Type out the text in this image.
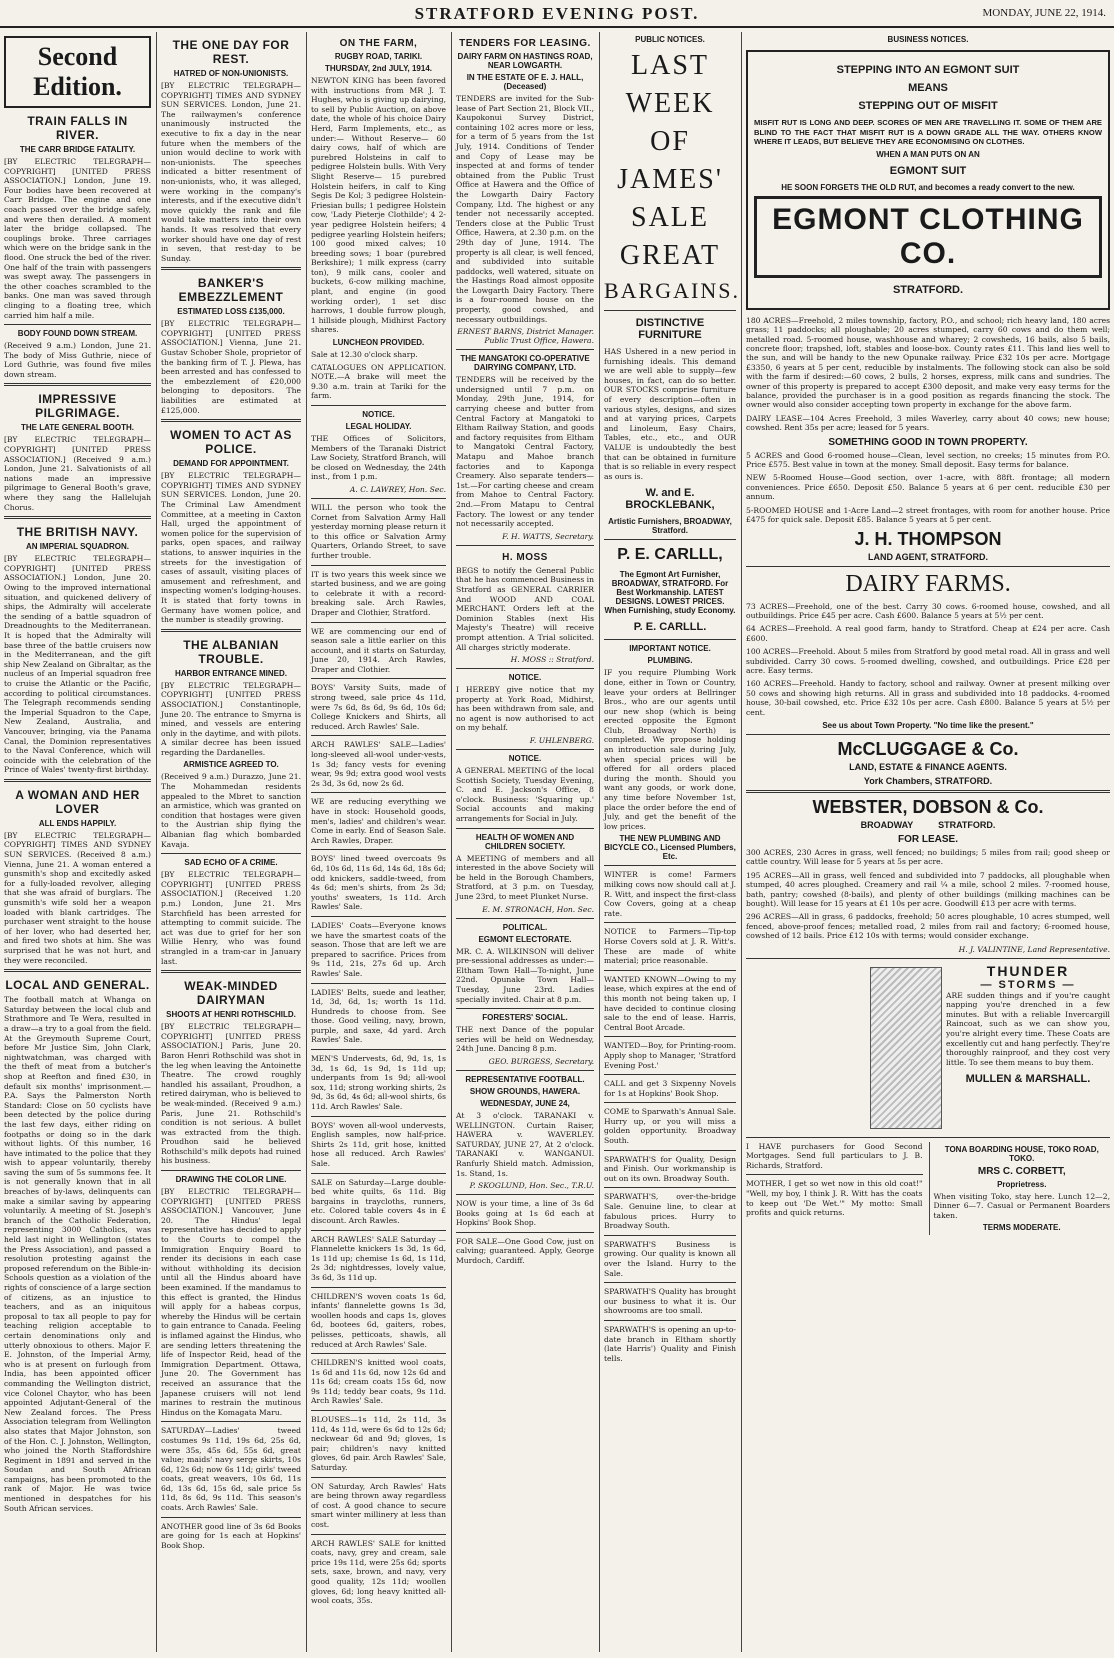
STRATFORD EVENING POST.	MONDAY, JUNE 22, 1914.
Second Edition.
TRAIN FALLS IN RIVER.
THE CARR BRIDGE FATALITY.

[BY ELECTRIC TELEGRAPH—COPYRIGHT] [UNITED PRESS ASSOCIATION.] London, June 19. Four bodies have been recovered at Carr Bridge. The engine and one coach passed over the bridge safely, and were then derailed. A moment later the bridge collapsed. The couplings broke. Three carriages which were on the bridge sank in the flood. One struck the bed of the river. One half of the train with passengers was swept away. The passengers in the other coaches scrambled to the banks. One man was saved through clinging to a floating tree, which carried him half a mile.

BODY FOUND DOWN STREAM.

(Received 9 a.m.) London, June 21. The body of Miss Guthrie, niece of Lord Guthrie, was found five miles down stream.

IMPRESSIVE PILGRIMAGE.
THE LATE GENERAL BOOTH.

[BY ELECTRIC TELEGRAPH—COPYRIGHT] [UNITED PRESS ASSOCIATION.] (Received 9 a.m.) London, June 21. Salvationists of all nations made an impressive pilgrimage to General Booth's grave, where they sang the Hallelujah Chorus.

THE BRITISH NAVY.
AN IMPERIAL SQUADRON.

[BY ELECTRIC TELEGRAPH—COPYRIGHT] [UNITED PRESS ASSOCIATION.] London, June 20. Owing to the improved international situation, and quickened delivery of ships, the Admiralty will accelerate the sending of a battle squadron of Dreadnoughts to the Mediterranean. It is hoped that the Admiralty will base three of the battle cruisers now in the Mediterranean, and the gift ship New Zealand on Gibraltar, as the nucleus of an Imperial squadron free to cruise the Atlantic or the Pacific, according to political circumstances. The Telegraph recommends sending the Imperial Squadron to the Cape, New Zealand, Australia, and Vancouver, bringing, via the Panama Canal, the Dominion representatives to the Naval Conference, which will coincide with the celebration of the Prince of Wales' twenty-first birthday.

A WOMAN AND HER LOVER
ALL ENDS HAPPILY.

[BY ELECTRIC TELEGRAPH—COPYRIGHT] TIMES AND SYDNEY SUN SERVICES. (Received 8 a.m.) Vienna, June 21. A woman entered a gunsmith's shop and excitedly asked for a fully-loaded revolver, alleging that she was afraid of burglars. The gunsmith's wife sold her a weapon loaded with blank cartridges. The purchaser went straight to the house of her lover, who had deserted her, and fired two shots at him. She was surprised that he was not hurt, and they were reconciled.

LOCAL AND GENERAL.

The football match at Whanga on Saturday between the local club and Strathmore and Te Wera, resulted in a draw—a try to a goal from the field. At the Greymouth Supreme Court, before Mr Justice Sim, John Clark, nightwatchman, was charged with the theft of meat from a butcher's shop at Reefton and fined £30, in default six months' imprisonment.—P.A. Says the Palmerston North Standard: Close on 50 cyclists have been detected by the police during the last few days, either riding on footpaths or doing so in the dark without lights. Of this number, 16 have intimated to the police that they wish to appear voluntarily, thereby saving the sum of 5s summons fee. It is not generally known that in all breaches of by-laws, delinquents can make a similar saving by appearing voluntarily. A meeting of St. Joseph's branch of the Catholic Federation, representing 3000 Catholics, was held last night in Wellington (states the Press Association), and passed a resolution protesting against the proposed referendum on the Bible-in-Schools question as a violation of the rights of conscience of a large section of citizens, as an injustice to teachers, and as an iniquitous proposal to tax all people to pay for teaching religion acceptable to certain denominations only and utterly obnoxious to others. Major F. E. Johnston, of the Imperial Army, who is at present on furlough from India, has been appointed officer commanding the Wellington district, vice Colonel Chaytor, who has been appointed Adjutant-General of the New Zealand forces. The Press Association telegram from Wellington also states that Major Johnston, son of the Hon. C. J. Johnston, Wellington, who joined the North Staffordshire Regiment in 1891 and served in the Soudan and South African campaigns, has been promoted to the rank of Major. He was twice mentioned in despatches for his South African services.

THE ONE DAY FOR REST.
HATRED OF NON-UNIONISTS.

[BY ELECTRIC TELEGRAPH—COPYRIGHT] TIMES AND SYDNEY SUN SERVICES. London, June 21. The railwaymen's conference unanimously instructed the executive to fix a day in the near future when the members of the union would decline to work with non-unionists. The speeches indicated a bitter resentment of non-unionists, who, it was alleged, were working in the company's interests, and if the executive didn't move quickly the rank and file would take matters into their own hands. It was resolved that every worker should have one day of rest in seven, that rest-day to be Sunday.

BANKER'S EMBEZZLEMENT
ESTIMATED LOSS £135,000.

[BY ELECTRIC TELEGRAPH—COPYRIGHT] [UNITED PRESS ASSOCIATION.] Vienna, June 21. Gustav Schober Shole, proprietor of the banking firm of T. J. Plewa, has been arrested and has confessed to the embezzlement of £20,000 belonging to depositors. The liabilities are estimated at £125,000.

WOMEN TO ACT AS POLICE.
DEMAND FOR APPOINTMENT.

[BY ELECTRIC TELEGRAPH—COPYRIGHT] TIMES AND SYDNEY SUN SERVICES. London, June 20. The Criminal Law Amendment Committee, at a meeting in Caxton Hall, urged the appointment of women police for the supervision of parks, open spaces, and railway stations, to answer inquiries in the streets for the investigation of cases of assault, visiting places of amusement and refreshment, and inspecting women's lodging-houses. It is stated that forty towns in Germany have women police, and the number is steadily growing.

THE ALBANIAN TROUBLE.
HARBOR ENTRANCE MINED.

[BY ELECTRIC TELEGRAPH—COPYRIGHT] [UNITED PRESS ASSOCIATION.] Constantinople, June 20. The entrance to Smyrna is mined, and vessels are entering only in the daytime, and with pilots. A similar decree has been issued regarding the Dardanelles.

ARMISTICE AGREED TO.

(Received 9 a.m.) Durazzo, June 21. The Mohammedan residents appealed to the Mbret to sanction an armistice, which was granted on condition that hostages were given to the Austrian ship flying the Albanian flag which bombarded Kavaja.

SAD ECHO OF A CRIME.

[BY ELECTRIC TELEGRAPH—COPYRIGHT] [UNITED PRESS ASSOCIATION.] (Received 1.20 p.m.) London, June 21. Mrs Starchfield has been arrested for attempting to commit suicide. The act was due to grief for her son Willie Henry, who was found strangled in a tram-car in January last.

WEAK-MINDED DAIRYMAN
SHOOTS AT HENRI ROTHSCHILD.

[BY ELECTRIC TELEGRAPH—COPYRIGHT] [UNITED PRESS ASSOCIATION.] Paris, June 20. Baron Henri Rothschild was shot in the leg when leaving the Antoinette Theatre. The crowd roughly handled his assailant, Proudhon, a retired dairyman, who is believed to be weak-minded. (Received 9 a.m.) Paris, June 21. Rothschild's condition is not serious. A bullet was extracted from the thigh. Proudhon said he believed Rothschild's milk depots had ruined his business.

DRAWING THE COLOR LINE.

[BY ELECTRIC TELEGRAPH—COPYRIGHT] [UNITED PRESS ASSOCIATION.] Vancouver, June 20. The Hindus' legal representative has decided to apply to the Courts to compel the Immigration Enquiry Board to render its decisions in each case without withholding its decision until all the Hindus aboard have been examined. If the mandamus to this effect is granted, the Hindus will apply for a habeas corpus, whereby the Hindus will be certain to gain entrance to Canada. Feeling is inflamed against the Hindus, who are sending letters threatening the life of Inspector Reid, head of the Immigration Department. Ottawa, June 20. The Government has received an assurance that the Japanese cruisers will not lend marines to restrain the mutinous Hindus on the Komagata Maru.

SATURDAY—Ladies' tweed costumes 9s 11d, 19s 6d, 25s 6d, were 35s, 45s 6d, 55s 6d, great value; maids' navy serge skirts, 10s 6d, 12s 6d; now 6s 11d; girls' tweed coats, great weavers, 10s 6d, 11s 6d, 13s 6d, 15s 6d, sale price 5s 11d, 8s 6d, 9s 11d. This season's coats. Arch Rawles' Sale.

ANOTHER good line of 3s 6d Books are going for 1s each at Hopkins' Book Shop.

ON THE FARM,
RUGBY ROAD, TARIKI.
THURSDAY, 2nd JULY, 1914.

NEWTON KING has been favored with instructions from MR J. T. Hughes, who is giving up dairying, to sell by Public Auction, on above date, the whole of his choice Dairy Herd, Farm Implements, etc., as under:— Without Reserve— 60 dairy cows, half of which are purebred Holsteins in calf to pedigree Holstein bulls. With Very Slight Reserve— 15 purebred Holstein heifers, in calf to King Segis De Kol; 3 pedigree Holstein-Friesian bulls; 1 pedigree Holstein cow, 'Lady Pieterje Clothilde'; 4 2-year pedigree Holstein heifers; 4 pedigree yearling Holstein heifers; 100 good mixed calves; 10 breeding sows; 1 boar (purebred Berkshire); 1 milk express (carry ton), 9 milk cans, cooler and buckets, 6-cow milking machine, plant, and engine (in good working order), 1 set disc harrows, 1 double furrow plough, 1 hillside plough, Midhirst Factory shares.

LUNCHEON PROVIDED.

Sale at 12.30 o'clock sharp.

CATALOGUES ON APPLICATION. NOTE.—A brake will meet the 9.30 a.m. train at Tariki for the farm.

NOTICE.
LEGAL HOLIDAY.

THE Offices of Solicitors, Members of the Taranaki District Law Society, Stratford Branch, will be closed on Wednesday, the 24th inst., from 1 p.m.

A. C. LAWREY, Hon. Sec.

WILL the person who took the Cornet from Salvation Army Hall yesterday morning please return it to this office or Salvation Army Quarters, Orlando Street, to save further trouble.

IT is two years this week since we started business, and we are going to celebrate it with a record-breaking sale. Arch Rawles, Draper and Clothier, Stratford.

WE are commencing our end of season sale a little earlier on this account, and it starts on Saturday, June 20, 1914. Arch Rawles, Draper and Clothier.

BOYS' Varsity Suits, made of strong tweed, sale price 4s 11d, were 7s 6d, 8s 6d, 9s 6d, 10s 6d; College Knickers and Shirts, all reduced. Arch Rawles' Sale.

ARCH RAWLES' SALE—Ladies' long-sleeved all-wool under-vests, 1s 3d; fancy vests for evening wear, 9s 9d; extra good wool vests 2s 3d, 3s 6d, now 2s 6d.

WE are reducing everything we have in stock: Household goods, men's, ladies' and children's wear. Come in early. End of Season Sale. Arch Rawles, Draper.

BOYS' lined tweed overcoats 9s 6d, 10s 6d, 11s 6d, 14s 6d, 18s 6d; odd knickers, saddle-tweed, from 4s 6d; men's shirts, from 2s 3d; youths' sweaters, 1s 11d. Arch Rawles' Sale.

LADIES' Coats—Everyone knows we have the smartest coats of the season. Those that are left we are prepared to sacrifice. Prices from 9s 11d, 21s, 27s 6d up. Arch Rawles' Sale.

LADIES' Belts, suede and leather, 1d, 3d, 6d, 1s; worth 1s 11d. Hundreds to choose from. See those. Good veiling, navy, brown, purple, and saxe, 4d yard. Arch Rawles' Sale.

MEN'S Undervests, 6d, 9d, 1s, 1s 3d, 1s 6d, 1s 9d, 1s 11d up; underpants from 1s 9d; all-wool sox, 11d; strong working shirts, 2s 9d, 3s 6d, 4s 6d; all-wool shirts, 6s 11d. Arch Rawles' Sale.

BOYS' woven all-wool undervests, English samples, now half-price. Shirts 2s 11d, grit hose, knitted hose all reduced. Arch Rawles' Sale.

SALE on Saturday—Large double-bed white quilts, 6s 11d. Big bargains in traycloths, runners, etc. Colored table covers 4s in £ discount. Arch Rawles.

ARCH RAWLES' SALE Saturday — Flannelette knickers 1s 3d, 1s 6d, 1s 11d up; chemise 1s 6d, 1s 11d, 2s 3d; nightdresses, lovely value, 3s 6d, 3s 11d up.

CHILDREN'S woven coats 1s 6d, infants' flannelette gowns 1s 3d, woollen hoods and caps 1s, gloves 6d, bootees 6d, gaiters, robes, pelisses, petticoats, shawls, all reduced at Arch Rawles' Sale.

CHILDREN'S knitted wool coats, 1s 6d and 11s 6d, now 12s 6d and 11s 6d; cream coats 15s 6d, now 9s 11d; teddy bear coats, 9s 11d. Arch Rawles' Sale.

BLOUSES—1s 11d, 2s 11d, 3s 11d, 4s 11d, were 6s 6d to 12s 6d; neckwear 6d and 9d; gloves, 1s pair; children's navy knitted gloves, 6d pair. Arch Rawles' Sale, Saturday.

ON Saturday, Arch Rawles' Hats are being thrown away regardless of cost. A good chance to secure smart winter millinery at less than cost.

ARCH RAWLES' SALE for knitted coats, navy, grey and cream, sale price 19s 11d, were 25s 6d; sports sets, saxe, brown, and navy, very good quality, 12s 11d; woollen gloves, 6d; long heavy knitted all-wool coats, 35s.

TENDERS FOR LEASING.
DAIRY FARM ON HASTINGS ROAD, NEAR LOWGARTH.
IN THE ESTATE OF E. J. HALL, (Deceased)

TENDERS are invited for the Sub-lease of Part Section 21, Block VII., Kaupokonui Survey District, containing 102 acres more or less, for a term of 5 years from the 1st July, 1914. Conditions of Tender and Copy of Lease may be inspected at and forms of tender obtained from the Public Trust Office at Hawera and the Office of the Lowgarth Dairy Factory Company, Ltd. The highest or any tender not necessarily accepted. Tenders close at the Public Trust Office, Hawera, at 2.30 p.m. on the 29th day of June, 1914. The property is all clear, is well fenced, and subdivided into suitable paddocks, well watered, situate on the Hastings Road almost opposite the Lowgarth Dairy Factory. There is a four-roomed house on the property, good cowshed, and necessary outbuildings.

ERNEST BARNS, District Manager. Public Trust Office, Hawera.
THE MANGATOKI CO-OPERATIVE DAIRYING COMPANY, LTD.

TENDERS will be received by the undersigned until 7 p.m. on Monday, 29th June, 1914, for carrying cheese and butter from Central Factory at Mangatoki to Eltham Railway Station, and goods and factory requisites from Eltham to Mangatoki Central Factory, Matapu and Mahoe branch factories and to Kaponga Creamery. Also separate tenders— 1st.—For carting cheese and cream from Mahoe to Central Factory. 2nd.—From Matapu to Central Factory. The lowest or any tender not necessarily accepted.

F. H. WATTS, Secretary.
H. MOSS

BEGS to notify the General Public that he has commenced Business in Stratford as GENERAL CARRIER And WOOD AND COAL MERCHANT. Orders left at the Dominion Stables (next His Majesty's Theatre) will receive prompt attention. A Trial solicited. All charges strictly moderate.

H. MOSS :: Stratford.
NOTICE.

I HEREBY give notice that my property at York Road, Midhirst, has been withdrawn from sale, and no agent is now authorised to act on my behalf.

F. UHLENBERG.
NOTICE.

A GENERAL MEETING of the local Scottish Society, Tuesday Evening, C. and E. Jackson's Office, 8 o'clock. Business: 'Squaring up.' Social accounts and making arrangements for Social in July.

HEALTH OF WOMEN AND CHILDREN SOCIETY.

A MEETING of members and all interested in the above Society will be held in the Borough Chambers, Stratford, at 3 p.m. on Tuesday, June 23rd, to meet Plunket Nurse.

E. M. STRONACH, Hon. Sec.
POLITICAL.
EGMONT ELECTORATE.

MR. C. A. WILKINSON will deliver pre-sessional addresses as under:— Eltham Town Hall—To-night, June 22nd. Opunake Town Hall—Tuesday, June 23rd. Ladies specially invited. Chair at 8 p.m.

FORESTERS' SOCIAL.

THE next Dance of the popular series will be held on Wednesday, 24th June. Dancing 8 p.m.

GEO. BURGESS, Secretary.
REPRESENTATIVE FOOTBALL.
SHOW GROUNDS, HAWERA.
WEDNESDAY, JUNE 24,

At 3 o'clock. TARANAKI v. WELLINGTON. Curtain Raiser, HAWERA v. WAVERLEY. SATURDAY, JUNE 27, At 2 o'clock. TARANAKI v. WANGANUI. Ranfurly Shield match. Admission, 1s. Stand, 1s.

P. SKOGLUND, Hon. Sec., T.R.U.

NOW is your time, a line of 3s 6d Books going at 1s 6d each at Hopkins' Book Shop.

FOR SALE—One Good Cow, just on calving; guaranteed. Apply, George Murdoch, Cardiff.

PUBLIC NOTICES.
LAST
WEEK
OF
JAMES'
SALE
GREAT
BARGAINS.
DISTINCTIVE FURNITURE

HAS Ushered in a new period in furnishing ideals. This demand we are well able to supply—few houses, in fact, can do so better. OUR STOCKS comprise furniture of every description—often in various styles, designs, and sizes and at varying prices, Carpets and Linoleum, Easy Chairs, Tables, etc., etc., and OUR VALUE is undoubtedly the best that can be obtained in furniture that is so reliable in every respect as ours is.

W. and E. BROCKLEBANK,
Artistic Furnishers, BROADWAY, Stratford.
P. E. CARLLL,
The Egmont Art Furnisher, BROADWAY, STRATFORD. For Best Workmanship. LATEST DESIGNS. LOWEST PRICES. When Furnishing, study Economy.
P. E. CARLLL.
IMPORTANT NOTICE.
PLUMBING.

IF you require Plumbing Work done, either in Town or Country, leave your orders at Bellringer Bros., who are our agents until our new shop (which is being erected opposite the Egmont Club, Broadway North) is completed. We propose holding an introduction sale during July, when special prices will be offered for all orders placed during the month. Should you want any goods, or work done, any time before November 1st, place the order before the end of July, and get the benefit of the low prices.

THE NEW PLUMBING AND BICYCLE CO., Licensed Plumbers, Etc.

WINTER is come! Farmers milking cows now should call at J. R. Witt, and inspect the first-class Cow Covers, going at a cheap rate.

NOTICE to Farmers—Tip-top Horse Covers sold at J. R. Witt's. These are made of white material; price reasonable.

WANTED KNOWN—Owing to my lease, which expires at the end of this month not being taken up, I have decided to continue closing sale to the end of lease. Harris, Central Boot Arcade.

WANTED—Boy, for Printing-room. Apply shop to Manager, 'Stratford Evening Post.'

CALL and get 3 Sixpenny Novels for 1s at Hopkins' Book Shop.

COME to Sparwath's Annual Sale. Hurry up, or you will miss a golden opportunity. Broadway South.

SPARWATH'S for Quality, Design and Finish. Our workmanship is out on its own. Broadway South.

SPARWATH'S, over-the-bridge Sale. Genuine line, to clear at fabulous prices. Hurry to Broadway South.

SPARWATH'S Business is growing. Our quality is known all over the Island. Hurry to the Sale.

SPARWATH'S Quality has brought our business to what it is. Our showrooms are too small.

SPARWATH'S is opening an up-to-date branch in Eltham shortly (late Harris') Quality and Finish tells.

BUSINESS NOTICES.
STEPPING INTO AN EGMONT SUIT
MEANS
STEPPING OUT OF MISFIT

MISFIT RUT IS LONG AND DEEP. SCORES OF MEN ARE TRAVELLING IT. SOME OF THEM ARE BLIND TO THE FACT THAT MISFIT RUT IS A DOWN GRADE ALL THE WAY. OTHERS KNOW WHERE IT LEADS, BUT BELIEVE THEY ARE ECONOMISING ON CLOTHES.

WHEN A MAN PUTS ON AN
EGMONT SUIT
HE SOON FORGETS THE OLD RUT, and becomes a ready convert to the new.
EGMONT CLOTHING CO.
STRATFORD.

180 ACRES—Freehold, 2 miles township, factory, P.O., and school; rich heavy land, 180 acres grass; 11 paddocks; all ploughable; 20 acres stumped, carry 60 cows and do them well; metalled road. 5-roomed house, washhouse and wharey; 2 cowsheds, 16 bails, also 5 bails, concrete floor; trapshed, loft, stables and loose-box. County rates £11. This land lies well to the sun, and will be handy to the new Opunake railway. Price £32 10s per acre. Mortgage £3350, 6 years at 5 per cent, reducible by instalments. The following stock can also be sold with the farm if desired:—60 cows, 2 bulls, 2 horses, express, milk cans and sundries. The owner of this property is prepared to accept £300 deposit, and make very easy terms for the balance, provided the purchaser is in a good position as regards financing the stock. The owner would also consider accepting town property in exchange for the above farm.

DAIRY LEASE—104 Acres Freehold, 3 miles Waverley, carry about 40 cows; new house; cowshed. Rent 35s per acre; leased for 5 years.

SOMETHING GOOD IN TOWN PROPERTY.

5 ACRES and Good 6-roomed house—Clean, level section, no creeks; 15 minutes from P.O. Price £575. Best value in town at the money. Small deposit. Easy terms for balance.

NEW 5-Roomed House—Good section, over 1-acre, with 88ft. frontage; all modern conveniences. Price £650. Deposit £50. Balance 5 years at 6 per cent. reducible £30 per annum.

5-ROOMED HOUSE and 1-Acre Land—2 street frontages, with room for another house. Price £475 for quick sale. Deposit £85. Balance 5 years at 5 per cent.

J. H. THOMPSON
LAND AGENT, STRATFORD.
DAIRY FARMS.

73 ACRES—Freehold, one of the best. Carry 30 cows. 6-roomed house, cowshed, and all outbuildings. Price £45 per acre. Cash £600. Balance 5 years at 5½ per cent.

64 ACRES—Freehold. A real good farm, handy to Stratford. Cheap at £24 per acre. Cash £600.

100 ACRES—Freehold. About 5 miles from Stratford by good metal road. All in grass and well subdivided. Carry 30 cows. 5-roomed dwelling, cowshed, and outbuildings. Price £28 per acre. Easy terms.

160 ACRES—Freehold. Handy to factory, school and railway. Owner at present milking over 50 cows and showing high returns. All in grass and subdivided into 18 paddocks. 4-roomed house, 30-bail cowshed, etc. Price £32 10s per acre. Cash £800. Balance 5 years at 5½ per cent.

See us about Town Property. "No time like the present."
McCLUGGAGE & Co.
LAND, ESTATE & FINANCE AGENTS.
York Chambers, STRATFORD.
WEBSTER, DOBSON & Co.
BROADWAY          STRATFORD.
FOR LEASE.

300 ACRES, 230 Acres in grass, well fenced; no buildings; 5 miles from rail; good sheep or cattle country. Will lease for 5 years at 5s per acre.

195 ACRES—All in grass, well fenced and subdivided into 7 paddocks, all ploughable when stumped, 40 acres ploughed. Creamery and rail ¼ a mile, school 2 miles. 7-roomed house, bath, pantry; cowshed (8-bails), and plenty of other buildings (milking machines can be bought). Will lease for 15 years at £1 10s per acre. Goodwill £13 per acre with terms.

296 ACRES—All in grass, 6 paddocks, freehold; 50 acres ploughable, 10 acres stumped, well fenced, above-proof fences; metalled road, 2 miles from rail and factory; 6-roomed house, cowshed of 12 bails. Price £12 10s with terms; would consider exchange.

H. J. VALINTINE, Land Representative.
THUNDER
— STORMS —

ARE sudden things and if you're caught napping you're drenched in a few minutes. But with a reliable Invercargill Raincoat, such as we can show you, you're alright every time. These Coats are excellently cut and hang perfectly. They're thoroughly rainproof, and they cost very little. To see them means to buy them.

MULLEN & MARSHALL.

I HAVE purchasers for Good Second Mortgages. Send full particulars to J. B. Richards, Stratford.

MOTHER, I get so wet now in this old coat!" "Well, my boy, I think J. R. Witt has the coats to keep out 'De Wet.'" My motto: Small profits and quick returns.

TONA BOARDING HOUSE, TOKO ROAD, TOKO.
MRS C. CORBETT,
Proprietress.

When visiting Toko, stay here. Lunch 12—2, Dinner 6—7. Casual or Permanent Boarders taken.

TERMS MODERATE.
